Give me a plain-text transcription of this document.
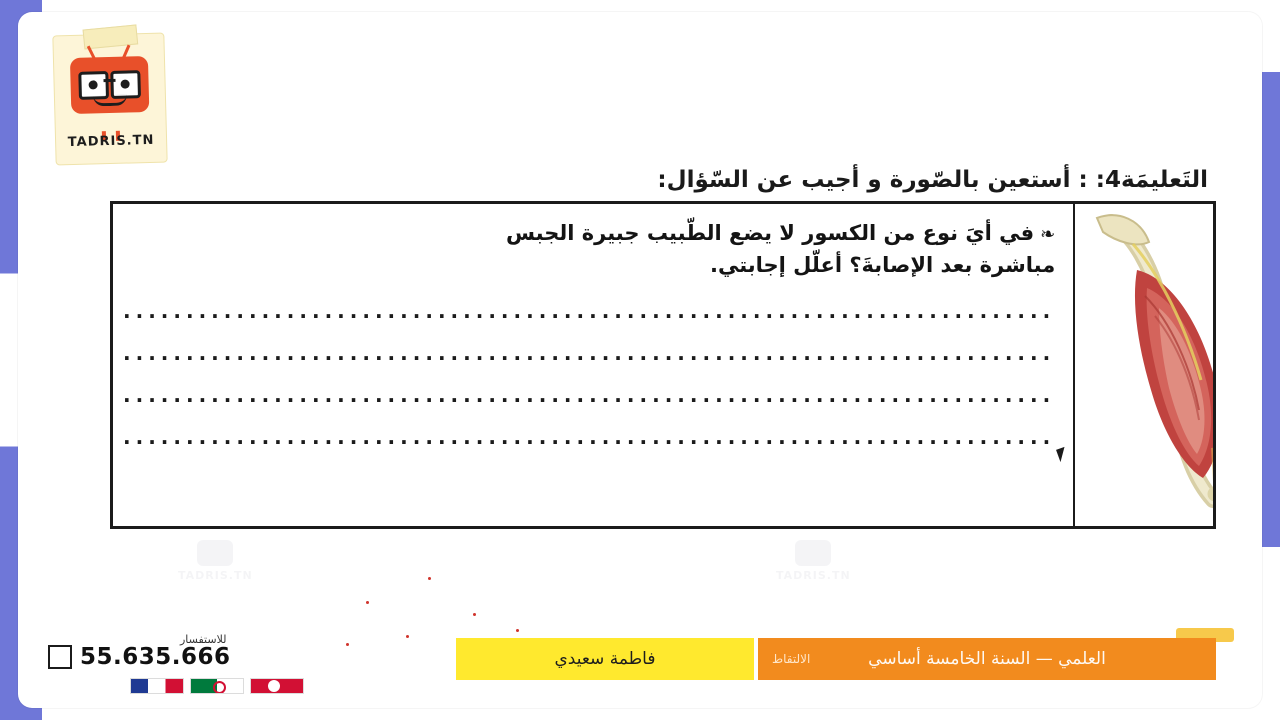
TADRIS.TN
TADRIS.TN	TADRIS.TN
التَعليمَة4: : أستعين بالصّورة و أجيب عن السّؤال:
❧في أيَ نوع من الكسور لا يضع الطّبيب جبيرة الجبس
مباشرة بعد الإصابةَ؟ أعلّل إجابتي.
..........................................................................
..........................................................................
..........................................................................
..........................................................................
55.635.666
للاستفسار
فاطمة سعيدي	الالتقاط	العلمي — السنة الخامسة أساسي
